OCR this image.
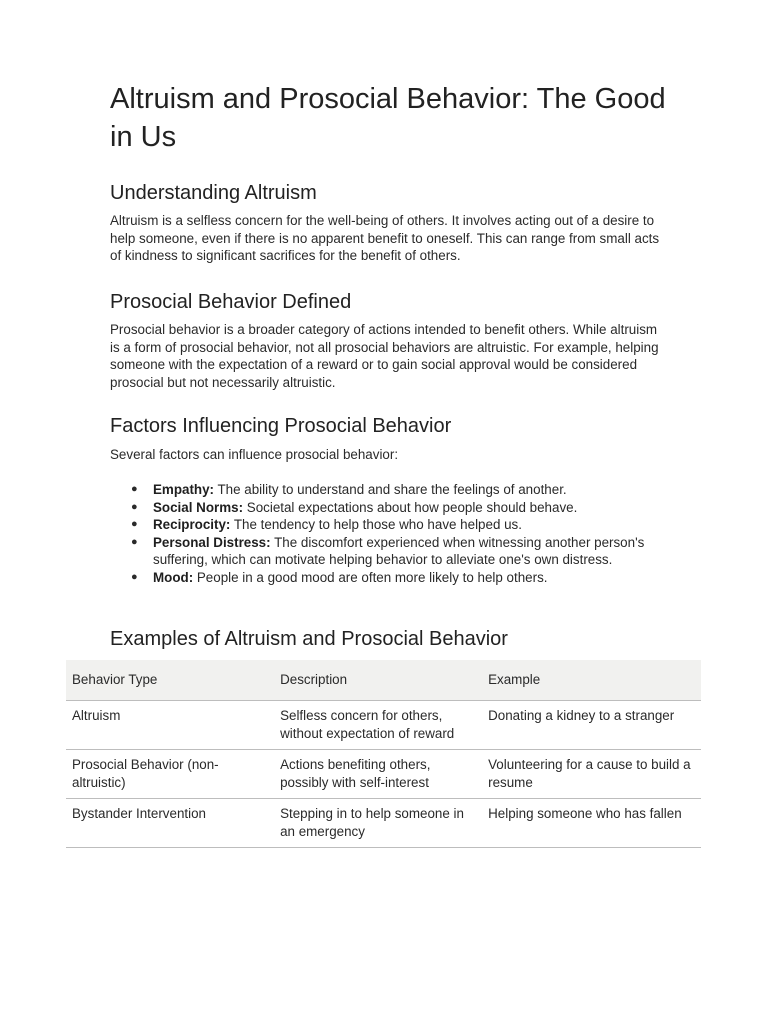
Altruism and Prosocial Behavior: The Good in Us
Understanding Altruism

Altruism is a selfless concern for the well-being of others. It involves acting out of a desire to help someone, even if there is no apparent benefit to oneself. This can range from small acts of kindness to significant sacrifices for the benefit of others.

Prosocial Behavior Defined

Prosocial behavior is a broader category of actions intended to benefit others. While altruism is a form of prosocial behavior, not all prosocial behaviors are altruistic. For example, helping someone with the expectation of a reward or to gain social approval would be considered prosocial but not necessarily altruistic.

Factors Influencing Prosocial Behavior

Several factors can influence prosocial behavior:

● Empathy: The ability to understand and share the feelings of another.
● Social Norms: Societal expectations about how people should behave.
● Reciprocity: The tendency to help those who have helped us.
● Personal Distress: The discomfort experienced when witnessing another person's suffering, which can motivate helping behavior to alleviate one's own distress.
● Mood: People in a good mood are often more likely to help others.
Examples of Altruism and Prosocial Behavior
Behavior Type	Description	Example
Altruism	Selfless concern for others, without expectation of reward	Donating a kidney to a stranger
Prosocial Behavior (non-altruistic)	Actions benefiting others, possibly with self-interest	Volunteering for a cause to build a resume
Bystander Intervention	Stepping in to help someone in an emergency	Helping someone who has fallen
